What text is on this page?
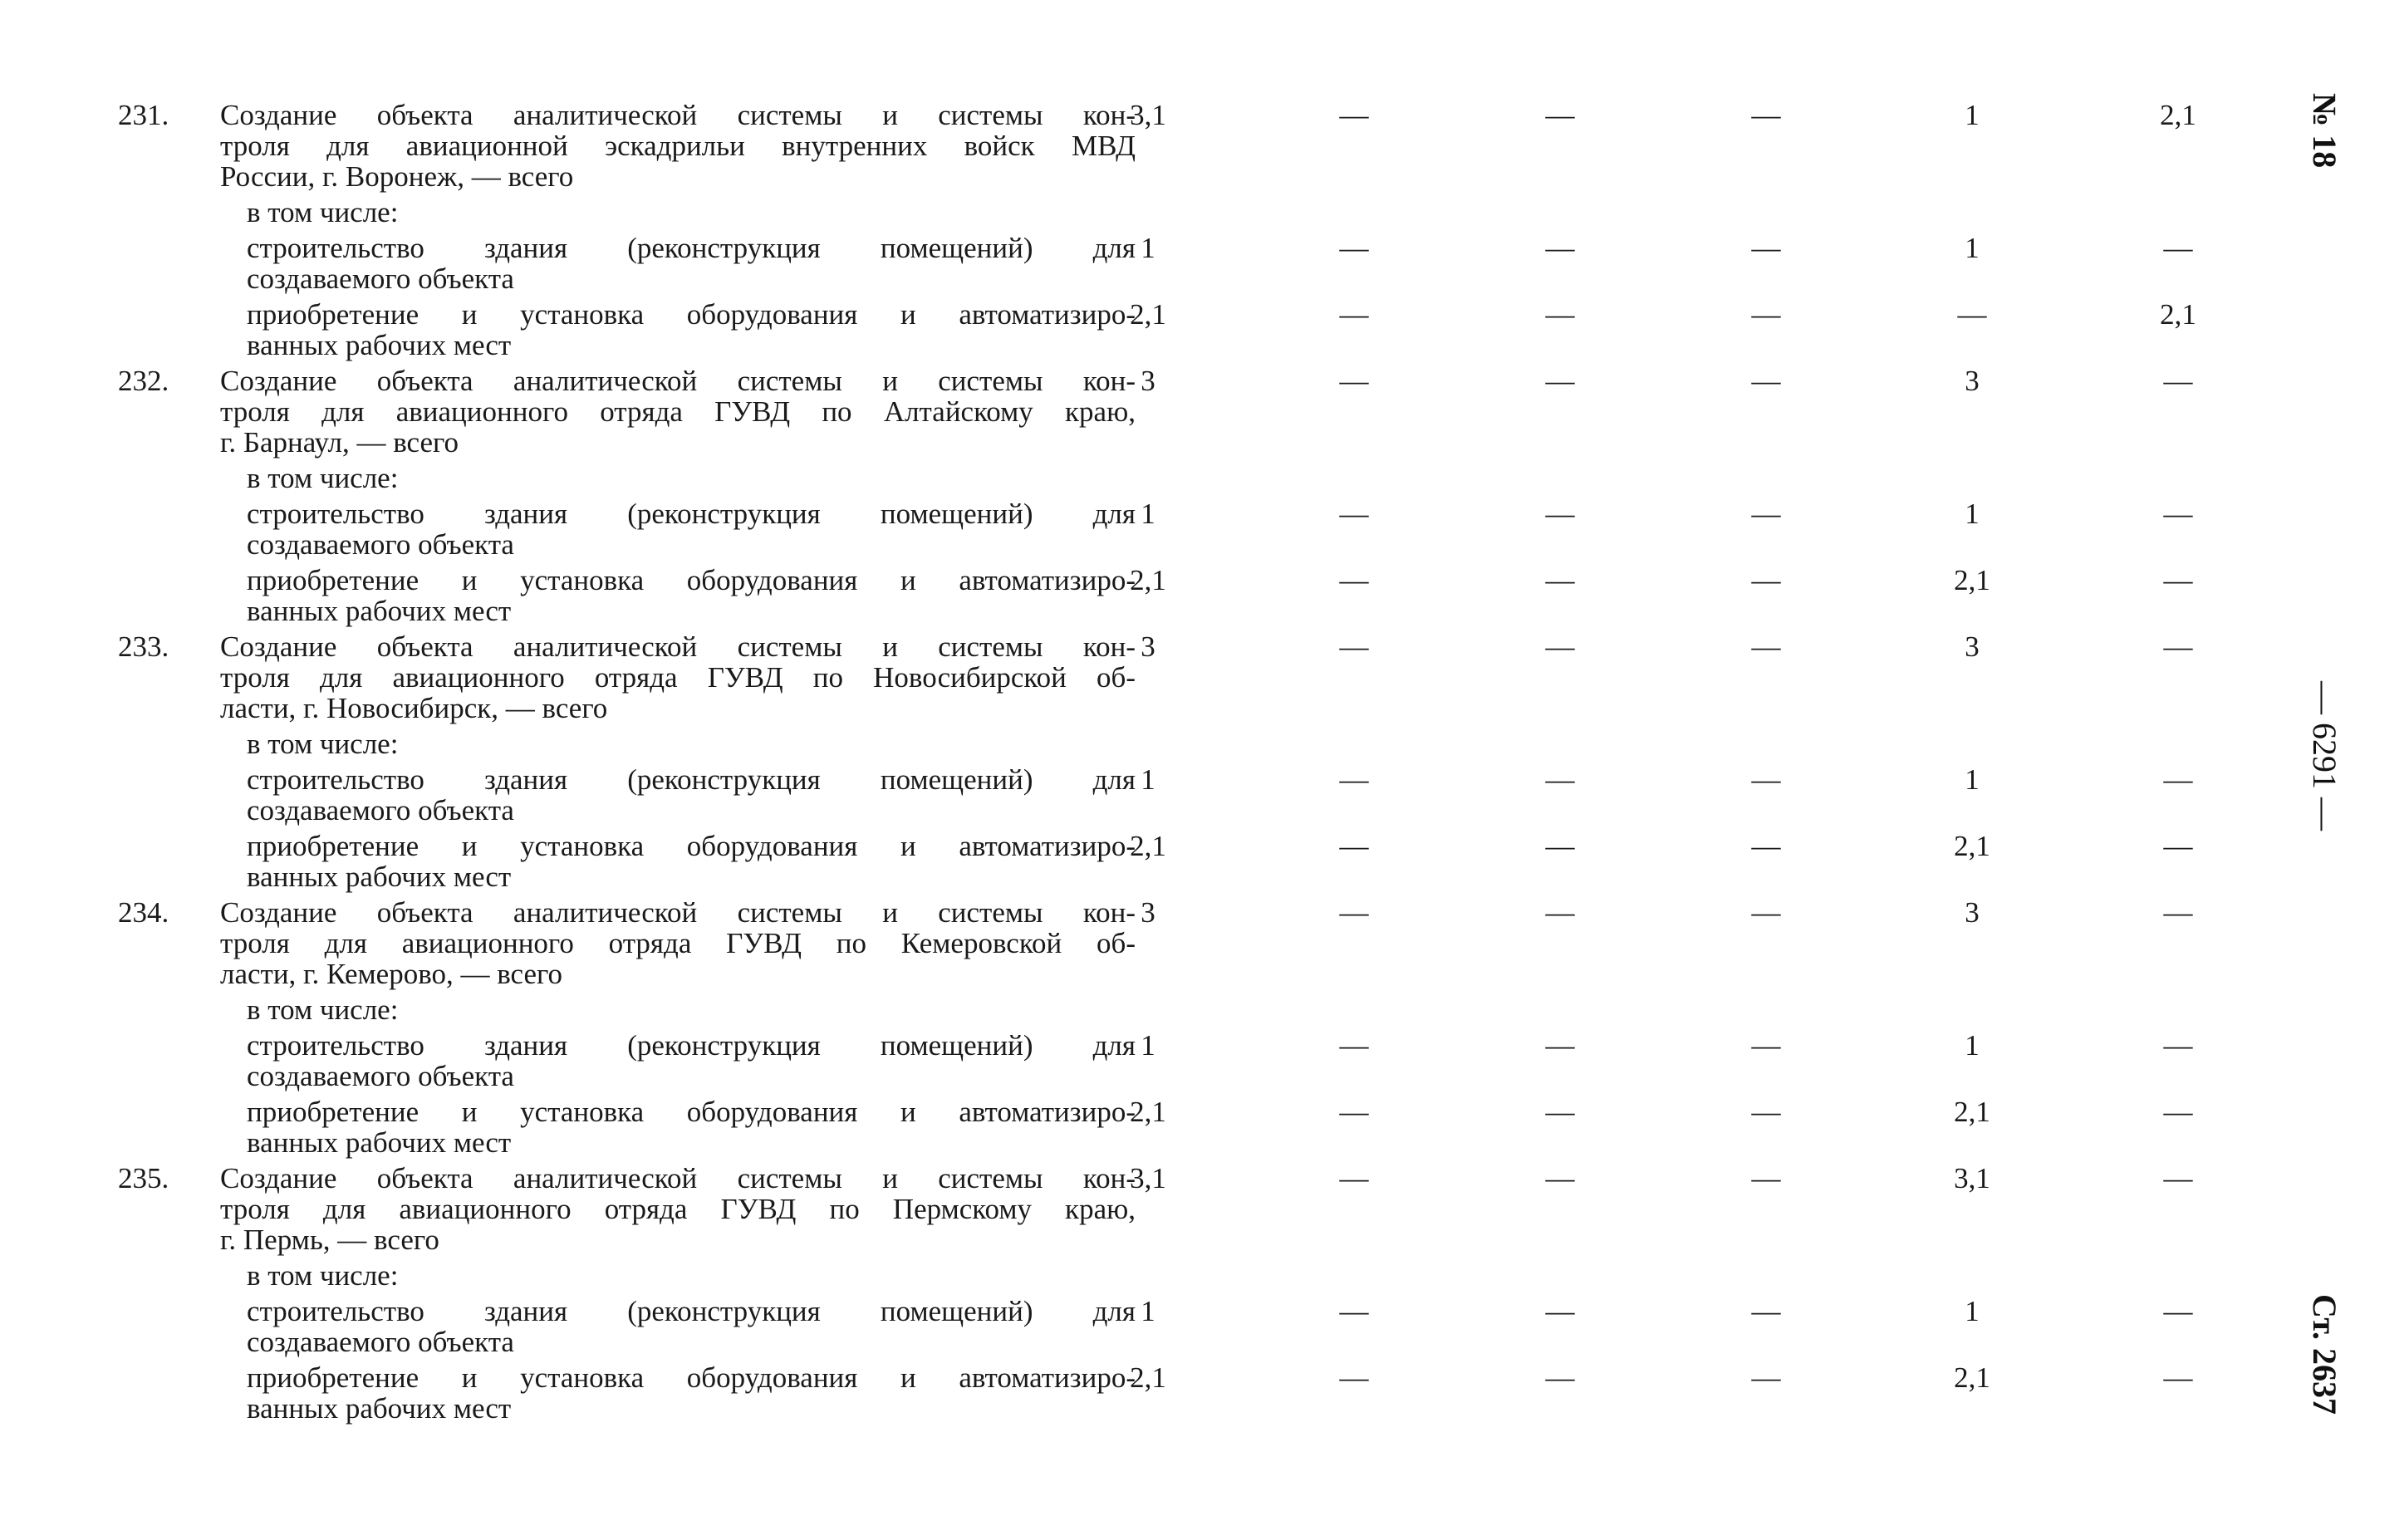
231. Создание объекта аналитической системы и системы кон-
троля для авиационной эскадрильи внутренних войск МВД
России, г. Воронеж, — всего
3,1	—	—	—	1	2,1
в том числе:
строительство здания (реконструкция помещений) для
создаваемого объекта
1	—	—	—	1	—
приобретение и установка оборудования и автоматизиро-
ванных рабочих мест
2,1	—	—	—	—	2,1
232. Создание объекта аналитической системы и системы кон-
троля для авиационного отряда ГУВД по Алтайскому краю,
г. Барнаул, — всего
3	—	—	—	3	—
в том числе:
строительство здания (реконструкция помещений) для
создаваемого объекта
1	—	—	—	1	—
приобретение и установка оборудования и автоматизиро-
ванных рабочих мест
2,1	—	—	—	2,1	—
233. Создание объекта аналитической системы и системы кон-
троля для авиационного отряда ГУВД по Новосибирской об-
ласти, г. Новосибирск, — всего
3	—	—	—	3	—
в том числе:
строительство здания (реконструкция помещений) для
создаваемого объекта
1	—	—	—	1	—
приобретение и установка оборудования и автоматизиро-
ванных рабочих мест
2,1	—	—	—	2,1	—
234. Создание объекта аналитической системы и системы кон-
троля для авиационного отряда ГУВД по Кемеровской об-
ласти, г. Кемерово, — всего
3	—	—	—	3	—
в том числе:
строительство здания (реконструкция помещений) для
создаваемого объекта
1	—	—	—	1	—
приобретение и установка оборудования и автоматизиро-
ванных рабочих мест
2,1	—	—	—	2,1	—
235. Создание объекта аналитической системы и системы кон-
троля для авиационного отряда ГУВД по Пермскому краю,
г. Пермь, — всего
3,1	—	—	—	3,1	—
в том числе:
строительство здания (реконструкция помещений) для
создаваемого объекта
1	—	—	—	1	—
приобретение и установка оборудования и автоматизиро-
ванных рабочих мест
2,1	—	—	—	2,1	—
№ 18
— 6291 —
Ст. 2637
